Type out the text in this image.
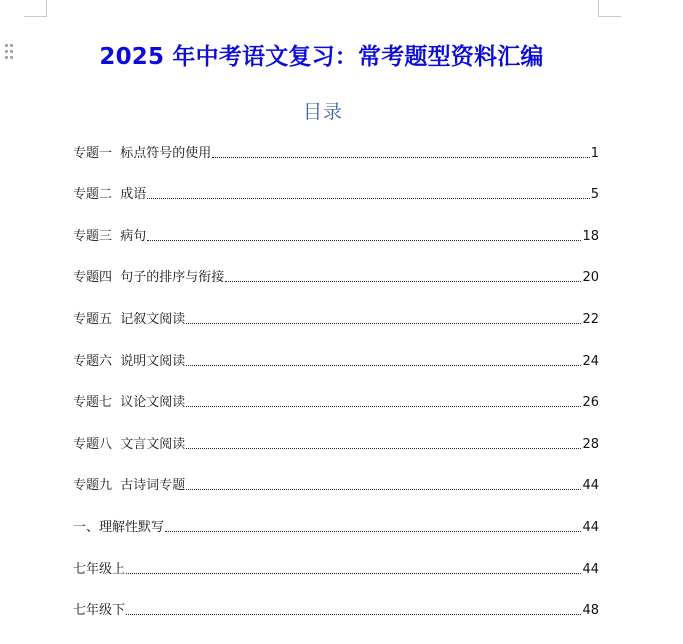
2025 年中考语文复习：常考题型资料汇编
目录
专题一  标点符号的使用	1
专题二  成语	5
专题三  病句	18
专题四  句子的排序与衔接	20
专题五  记叙文阅读	22
专题六  说明文阅读	24
专题七  议论文阅读	26
专题八  文言文阅读	28
专题九  古诗词专题	44
一、理解性默写	44
七年级上	44
七年级下	48
